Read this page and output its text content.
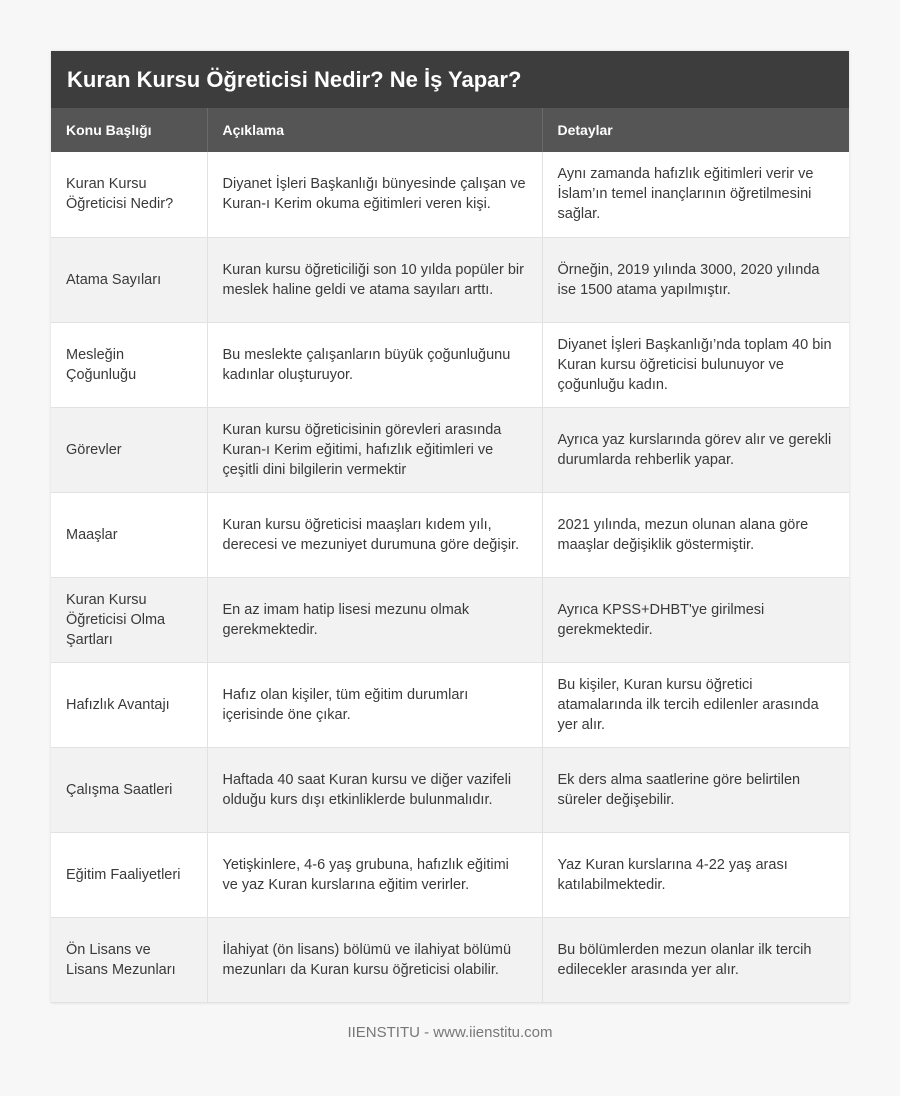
Kuran Kursu Öğreticisi Nedir? Ne İş Yapar?
Konu Başlığı	Açıklama	Detaylar
Kuran Kursu Öğreticisi Nedir?	Diyanet İşleri Başkanlığı bünyesinde çalışan ve Kuran-ı Kerim okuma eğitimleri veren kişi.	Aynı zamanda hafızlık eğitimleri verir ve İslam’ın temel inançlarının öğretilmesini sağlar.
Atama Sayıları	Kuran kursu öğreticiliği son 10 yılda popüler bir meslek haline geldi ve atama sayıları arttı.	Örneğin, 2019 yılında 3000, 2020 yılında ise 1500 atama yapılmıştır.
Mesleğin Çoğunluğu	Bu meslekte çalışanların büyük çoğunluğunu kadınlar oluşturuyor.	Diyanet İşleri Başkanlığı’nda toplam 40 bin Kuran kursu öğreticisi bulunuyor ve çoğunluğu kadın.
Görevler	Kuran kursu öğreticisinin görevleri arasında Kuran-ı Kerim eğitimi, hafızlık eğitimleri ve çeşitli dini bilgilerin vermektir	Ayrıca yaz kurslarında görev alır ve gerekli durumlarda rehberlik yapar.
Maaşlar	Kuran kursu öğreticisi maaşları kıdem yılı, derecesi ve mezuniyet durumuna göre değişir.	2021 yılında, mezun olunan alana göre maaşlar değişiklik göstermiştir.
Kuran Kursu Öğreticisi Olma Şartları	En az imam hatip lisesi mezunu olmak gerekmektedir.	Ayrıca KPSS+DHBT'ye girilmesi gerekmektedir.
Hafızlık Avantajı	Hafız olan kişiler, tüm eğitim durumları içerisinde öne çıkar.	Bu kişiler, Kuran kursu öğretici atamalarında ilk tercih edilenler arasında yer alır.
Çalışma Saatleri	Haftada 40 saat Kuran kursu ve diğer vazifeli olduğu kurs dışı etkinliklerde bulunmalıdır.	Ek ders alma saatlerine göre belirtilen süreler değişebilir.
Eğitim Faaliyetleri	Yetişkinlere, 4-6 yaş grubuna, hafızlık eğitimi ve yaz Kuran kurslarına eğitim verirler.	Yaz Kuran kurslarına 4-22 yaş arası katılabilmektedir.
Ön Lisans ve Lisans Mezunları	İlahiyat (ön lisans) bölümü ve ilahiyat bölümü mezunları da Kuran kursu öğreticisi olabilir.	Bu bölümlerden mezun olanlar ilk tercih edilecekler arasında yer alır.
IIENSTITU - www.iienstitu.com
